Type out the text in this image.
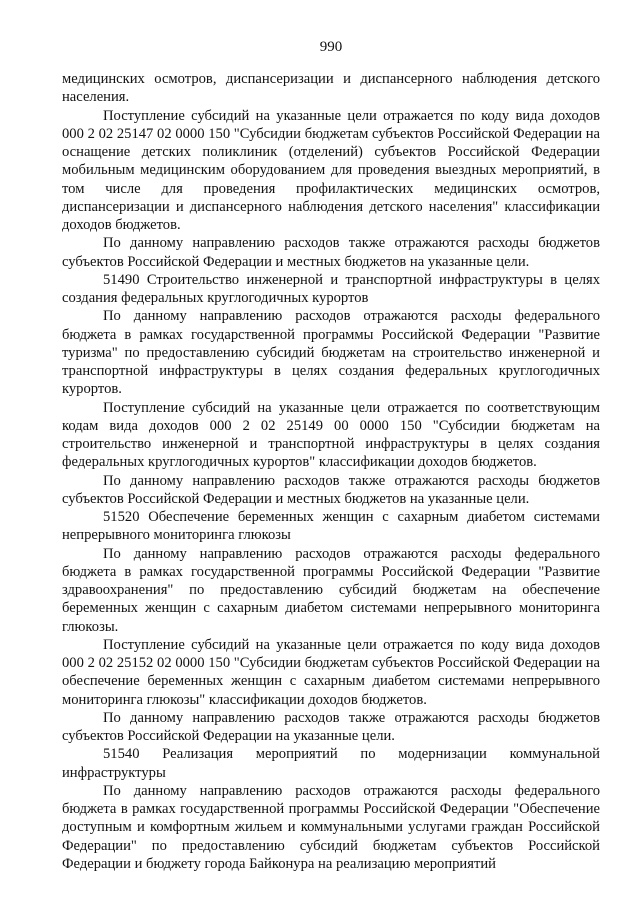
990

медицинских осмотров, диспансеризации и диспансерного наблюдения детского населения.

Поступление субсидий на указанные цели отражается по коду вида доходов 000 2 02 25147 02 0000 150 "Субсидии бюджетам субъектов Российской Федерации на оснащение детских поликлиник (отделений) субъектов Российской Федерации мобильным медицинским оборудованием для проведения выездных мероприятий, в том числе для проведения профилактических медицинских осмотров, диспансеризации и диспансерного наблюдения детского населения" классификации доходов бюджетов.

По данному направлению расходов также отражаются расходы бюджетов субъектов Российской Федерации и местных бюджетов на указанные цели.

51490 Строительство инженерной и транспортной инфраструктуры в целях создания федеральных круглогодичных курортов

По данному направлению расходов отражаются расходы федерального бюджета в рамках государственной программы Российской Федерации "Развитие туризма" по предоставлению субсидий бюджетам на строительство инженерной и транспортной инфраструктуры в целях создания федеральных круглогодичных курортов.

Поступление субсидий на указанные цели отражается по соответствующим кодам вида доходов 000 2 02 25149 00 0000 150 "Субсидии бюджетам на строительство инженерной и транспортной инфраструктуры в целях создания федеральных круглогодичных курортов" классификации доходов бюджетов.

По данному направлению расходов также отражаются расходы бюджетов субъектов Российской Федерации и местных бюджетов на указанные цели.

51520 Обеспечение беременных женщин с сахарным диабетом системами непрерывного мониторинга глюкозы

По данному направлению расходов отражаются расходы федерального бюджета в рамках государственной программы Российской Федерации "Развитие здравоохранения" по предоставлению субсидий бюджетам на обеспечение беременных женщин с сахарным диабетом системами непрерывного мониторинга глюкозы.

Поступление субсидий на указанные цели отражается по коду вида доходов 000 2 02 25152 02 0000 150 "Субсидии бюджетам субъектов Российской Федерации на обеспечение беременных женщин с сахарным диабетом системами непрерывного мониторинга глюкозы" классификации доходов бюджетов.

По данному направлению расходов также отражаются расходы бюджетов субъектов Российской Федерации на указанные цели.

51540 Реализация мероприятий по модернизации коммунальной инфраструктуры

По данному направлению расходов отражаются расходы федерального бюджета в рамках государственной программы Российской Федерации "Обеспечение доступным и комфортным жильем и коммунальными услугами граждан Российской Федерации" по предоставлению субсидий бюджетам субъектов Российской Федерации и бюджету города Байконура на реализацию мероприятий
